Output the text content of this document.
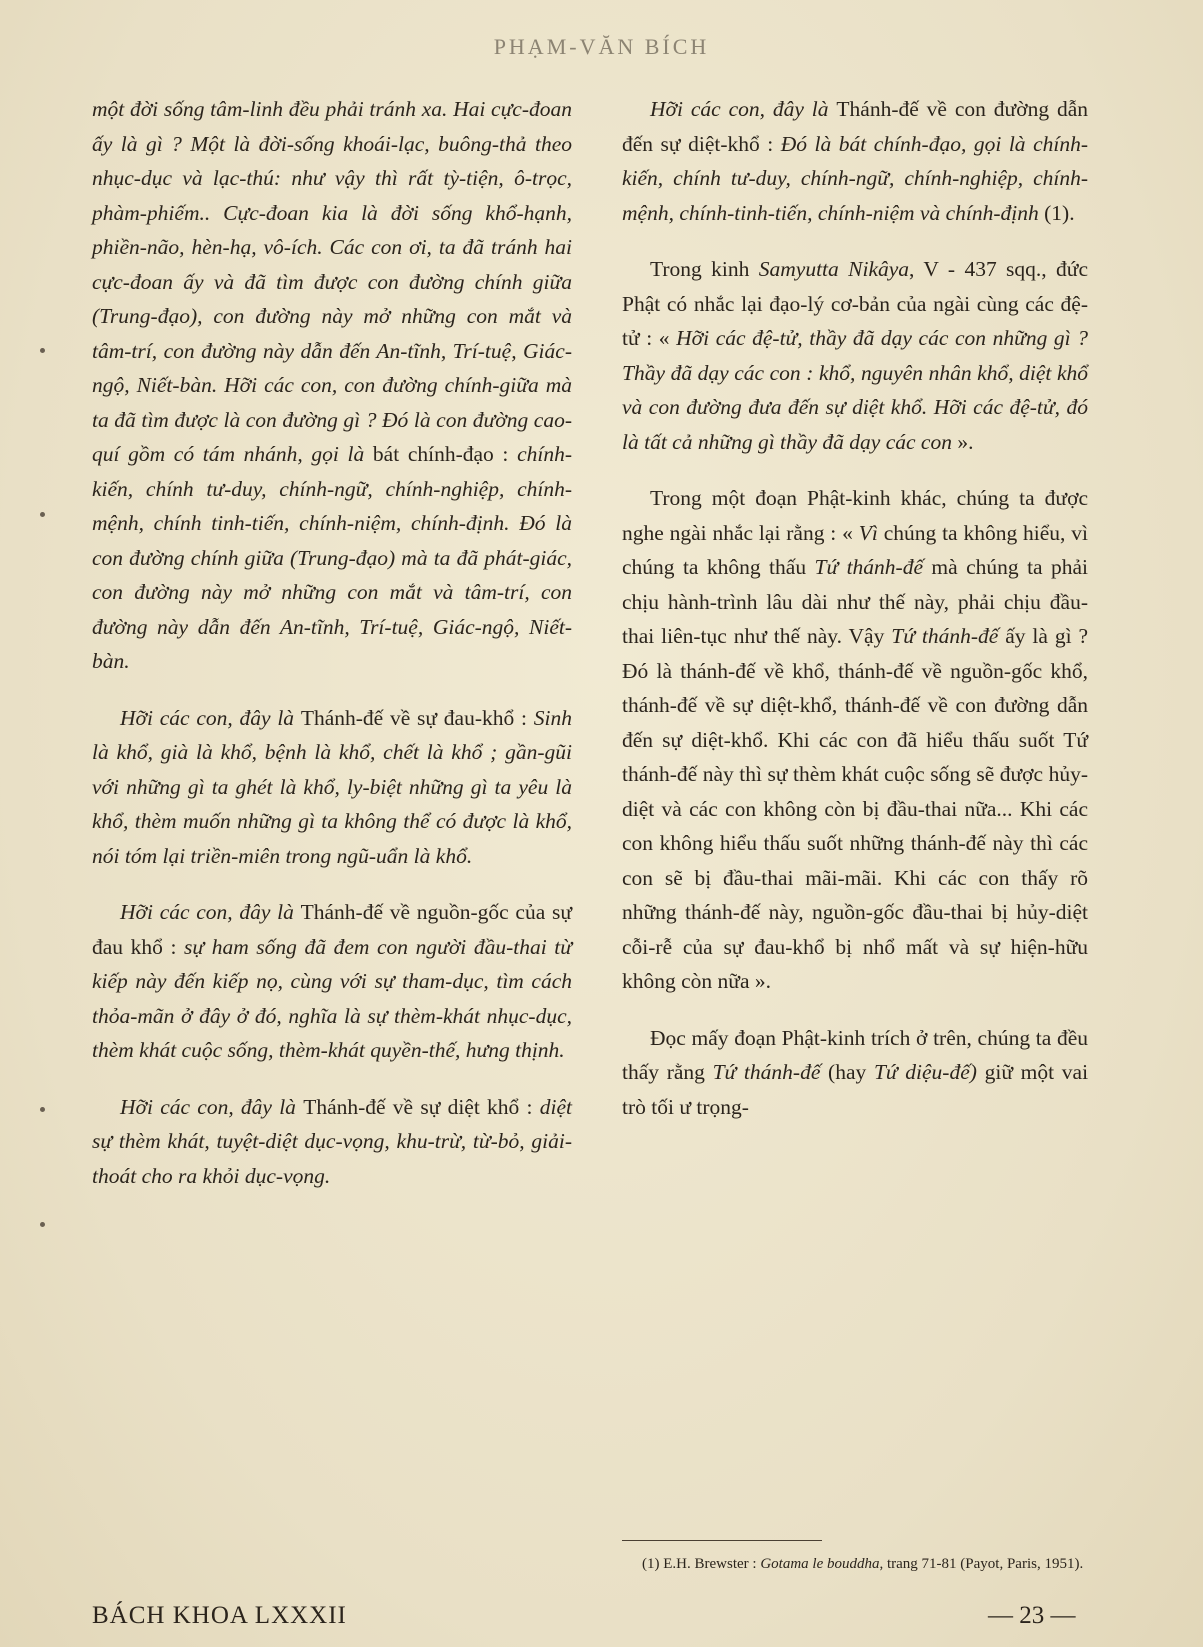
PHẠM-VĂN BÍCH

một đời sống tâm-linh đều phải tránh xa. Hai cực-đoan ấy là gì ? Một là đời-sống khoái-lạc, buông-thả theo nhục-dục và lạc-thú: như vậy thì rất tỳ-tiện, ô-trọc, phàm-phiếm.. Cực-đoan kia là đời sống khổ-hạnh, phiền-não, hèn-hạ, vô-ích. Các con ơi, ta đã tránh hai cực-đoan ấy và đã tìm được con đường chính giữa (Trung-đạo), con đường này mở những con mắt và tâm-trí, con đường này dẫn đến An-tĩnh, Trí-tuệ, Giác-ngộ, Niết-bàn. Hỡi các con, con đường chính-giữa mà ta đã tìm được là con đường gì ? Đó là con đường cao-quí gồm có tám nhánh, gọi là bát chính-đạo : chính-kiến, chính tư-duy, chính-ngữ, chính-nghiệp, chính-mệnh, chính tinh-tiến, chính-niệm, chính-định. Đó là con đường chính giữa (Trung-đạo) mà ta đã phát-giác, con đường này mở những con mắt và tâm-trí, con đường này dẫn đến An-tĩnh, Trí-tuệ, Giác-ngộ, Niết-bàn.

Hỡi các con, đây là Thánh-đế về sự đau-khổ : Sinh là khổ, già là khổ, bệnh là khổ, chết là khổ ; gần-gũi với những gì ta ghét là khổ, ly-biệt những gì ta yêu là khổ, thèm muốn những gì ta không thể có được là khổ, nói tóm lại triền-miên trong ngũ-uẩn là khổ.

Hỡi các con, đây là Thánh-đế về nguồn-gốc của sự đau khổ : sự ham sống đã đem con người đầu-thai từ kiếp này đến kiếp nọ, cùng với sự tham-dục, tìm cách thỏa-mãn ở đây ở đó, nghĩa là sự thèm-khát nhục-dục, thèm khát cuộc sống, thèm-khát quyền-thế, hưng thịnh.

Hỡi các con, đây là Thánh-đế về sự diệt khổ : diệt sự thèm khát, tuyệt-diệt dục-vọng, khu-trừ, từ-bỏ, giải-thoát cho ra khỏi dục-vọng.

Hỡi các con, đây là Thánh-đế về con đường dẫn đến sự diệt-khổ : Đó là bát chính-đạo, gọi là chính-kiến, chính tư-duy, chính-ngữ, chính-nghiệp, chính-mệnh, chính-tinh-tiến, chính-niệm và chính-định (1).

Trong kinh Samyutta Nikâya, V - 437 sqq., đức Phật có nhắc lại đạo-lý cơ-bản của ngài cùng các đệ-tử : « Hỡi các đệ-tử, thầy đã dạy các con những gì ? Thầy đã dạy các con : khổ, nguyên nhân khổ, diệt khổ và con đường đưa đến sự diệt khổ. Hỡi các đệ-tử, đó là tất cả những gì thầy đã dạy các con ».

Trong một đoạn Phật-kinh khác, chúng ta được nghe ngài nhắc lại rằng : « Vì chúng ta không hiểu, vì chúng ta không thấu Tứ thánh-đế mà chúng ta phải chịu hành-trình lâu dài như thế này, phải chịu đầu-thai liên-tục như thế này. Vậy Tứ thánh-đế ấy là gì ? Đó là thánh-đế về khổ, thánh-đế về nguồn-gốc khổ, thánh-đế về sự diệt-khổ, thánh-đế về con đường dẫn đến sự diệt-khổ. Khi các con đã hiểu thấu suốt Tứ thánh-đế này thì sự thèm khát cuộc sống sẽ được hủy-diệt và các con không còn bị đầu-thai nữa... Khi các con không hiểu thấu suốt những thánh-đế này thì các con sẽ bị đầu-thai mãi-mãi. Khi các con thấy rõ những thánh-đế này, nguồn-gốc đầu-thai bị hủy-diệt cỗi-rễ của sự đau-khổ bị nhổ mất và sự hiện-hữu không còn nữa ».

Đọc mấy đoạn Phật-kinh trích ở trên, chúng ta đều thấy rằng Tứ thánh-đế (hay Tứ diệu-đế) giữ một vai trò tối ư trọng-

(1) E.H. Brewster : Gotama le bouddha, trang 71-81 (Payot, Paris, 1951).
BÁCH KHOA LXXXII	— 23 —
